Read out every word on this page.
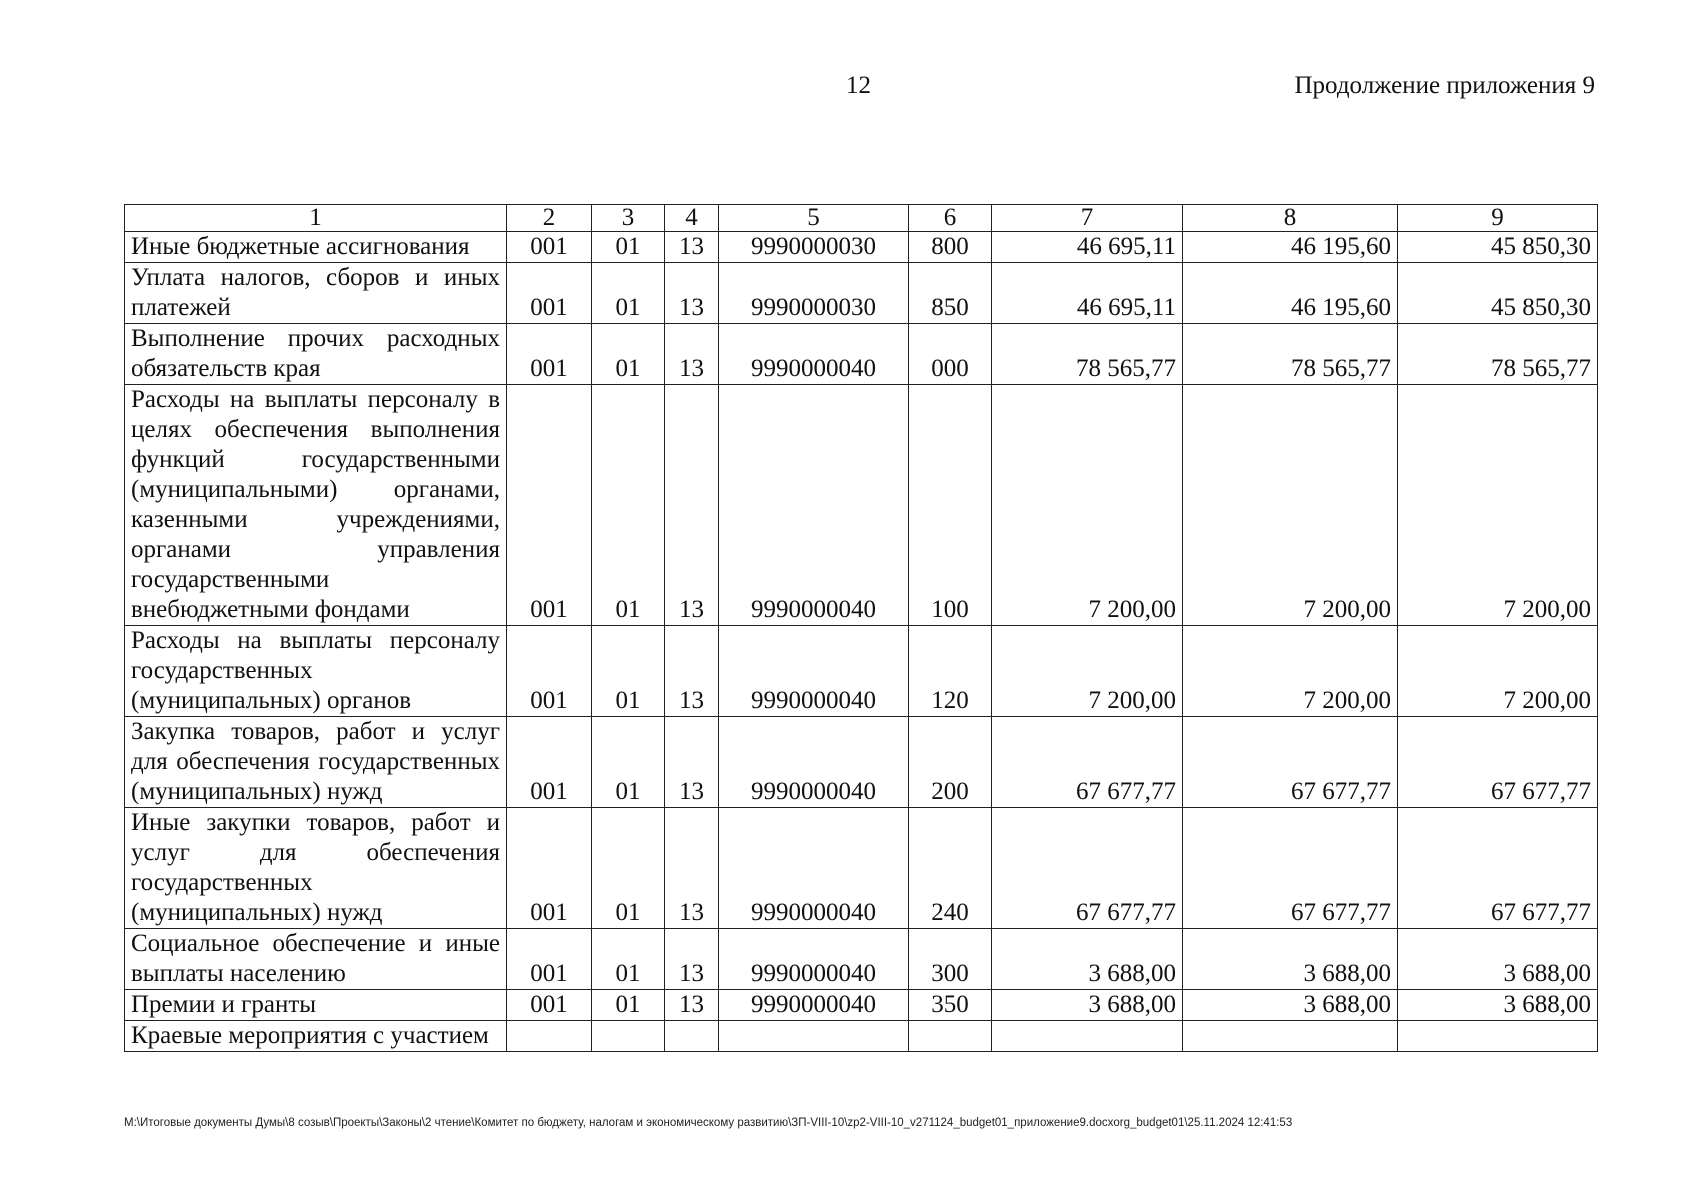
12	Продолжение приложения 9
1	2	3	4	5	6	7	8	9
Иные бюджетные ассигнования	001	01	13	9990000030	800	46 695,11	46 195,60	45 850,30
Уплата налогов, сборов и иных платежей	001	01	13	9990000030	850	46 695,11	46 195,60	45 850,30
Выполнение прочих расходных обязательств края	001	01	13	9990000040	000	78 565,77	78 565,77	78 565,77
Расходы на выплаты персоналу в целях обеспечения выполнения функций государственными (муниципальными) органами, казенными учреждениями, органами управления государственными внебюджетными фондами	001	01	13	9990000040	100	7 200,00	7 200,00	7 200,00
Расходы на выплаты персоналу государственных (муниципальных) органов	001	01	13	9990000040	120	7 200,00	7 200,00	7 200,00
Закупка товаров, работ и услуг для обеспечения государственных (муниципальных) нужд	001	01	13	9990000040	200	67 677,77	67 677,77	67 677,77
Иные закупки товаров, работ и услуг для обеспечения государственных (муниципальных) нужд	001	01	13	9990000040	240	67 677,77	67 677,77	67 677,77
Социальное обеспечение и иные выплаты населению	001	01	13	9990000040	300	3 688,00	3 688,00	3 688,00
Премии и гранты	001	01	13	9990000040	350	3 688,00	3 688,00	3 688,00
Краевые мероприятия с участием								
M:\Итоговые документы Думы\8 созыв\Проекты\Законы\2 чтение\Комитет по бюджету, налогам и экономическому развитию\ЗП-VIII-10\zp2-VIII-10_v271124_budget01_приложение9.docxorg_budget01\25.11.2024 12:41:53
